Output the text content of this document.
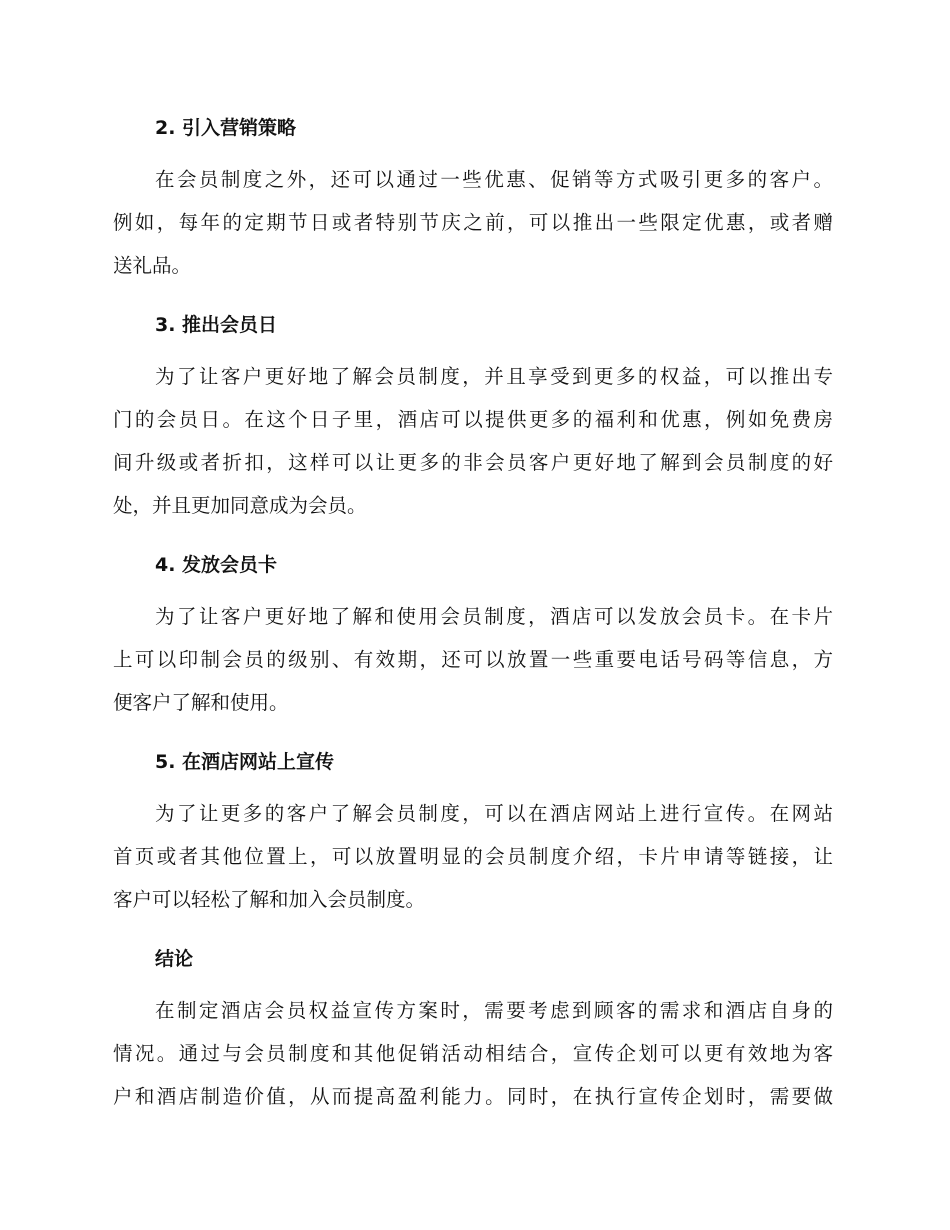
2. 引入营销策略
在会员制度之外，还可以通过一些优惠、促销等方式吸引更多的客户。
例如，每年的定期节日或者特别节庆之前，可以推出一些限定优惠，或者赠
送礼品。
3. 推出会员日
为了让客户更好地了解会员制度，并且享受到更多的权益，可以推出专
门的会员日。在这个日子里，酒店可以提供更多的福利和优惠，例如免费房
间升级或者折扣，这样可以让更多的非会员客户更好地了解到会员制度的好
处，并且更加同意成为会员。
4. 发放会员卡
为了让客户更好地了解和使用会员制度，酒店可以发放会员卡。在卡片
上可以印制会员的级别、有效期，还可以放置一些重要电话号码等信息，方
便客户了解和使用。
5. 在酒店网站上宣传
为了让更多的客户了解会员制度，可以在酒店网站上进行宣传。在网站
首页或者其他位置上，可以放置明显的会员制度介绍，卡片申请等链接，让
客户可以轻松了解和加入会员制度。
结论
在制定酒店会员权益宣传方案时，需要考虑到顾客的需求和酒店自身的
情况。通过与会员制度和其他促销活动相结合，宣传企划可以更有效地为客
户和酒店制造价值，从而提高盈利能力。同时，在执行宣传企划时，需要做
